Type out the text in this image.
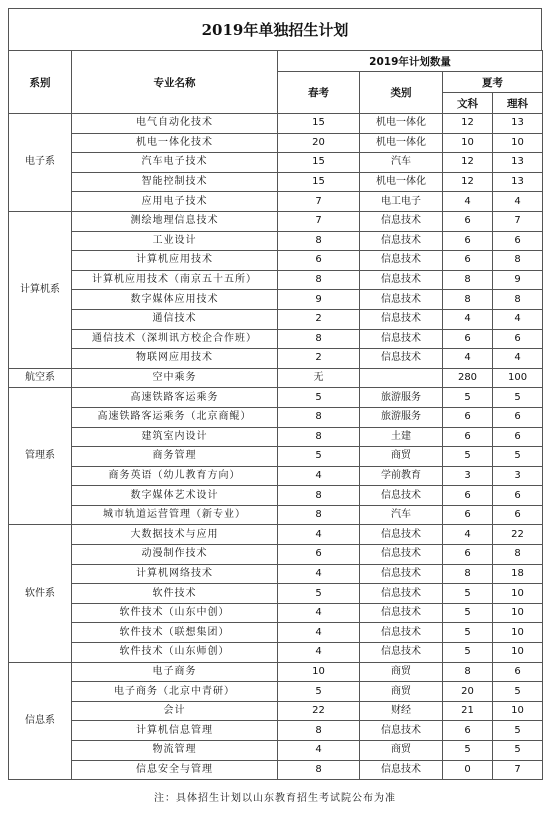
2019年单独招生计划
系别	专业名称	2019年计划数量			
		春考	类别	夏考	
				文科	理科
电子系	电气自动化技术	15	机电一体化	12	13
	机电一体化技术	20	机电一体化	10	10
	汽车电子技术	15	汽车	12	13
	智能控制技术	15	机电一体化	12	13
	应用电子技术	7	电工电子	4	4
计算机系	测绘地理信息技术	7	信息技术	6	7
	工业设计	8	信息技术	6	6
	计算机应用技术	6	信息技术	6	8
	计算机应用技术（南京五十五所）	8	信息技术	8	9
	数字媒体应用技术	9	信息技术	8	8
	通信技术	2	信息技术	4	4
	通信技术（深圳讯方校企合作班）	8	信息技术	6	6
	物联网应用技术	2	信息技术	4	4
航空系	空中乘务	无		280	100
管理系	高速铁路客运乘务	5	旅游服务	5	5
	高速铁路客运乘务（北京商鲲）	8	旅游服务	6	6
	建筑室内设计	8	土建	6	6
	商务管理	5	商贸	5	5
	商务英语（幼儿教育方向）	4	学前教育	3	3
	数字媒体艺术设计	8	信息技术	6	6
	城市轨道运营管理（新专业）	8	汽车	6	6
软件系	大数据技术与应用	4	信息技术	4	22
	动漫制作技术	6	信息技术	6	8
	计算机网络技术	4	信息技术	8	18
	软件技术	5	信息技术	5	10
	软件技术（山东中创）	4	信息技术	5	10
	软件技术（联想集团）	4	信息技术	5	10
	软件技术（山东师创）	4	信息技术	5	10
信息系	电子商务	10	商贸	8	6
	电子商务（北京中青研）	5	商贸	20	5
	会计	22	财经	21	10
	计算机信息管理	8	信息技术	6	5
	物流管理	4	商贸	5	5
	信息安全与管理	8	信息技术	0	7
注：具体招生计划以山东教育招生考试院公布为准
